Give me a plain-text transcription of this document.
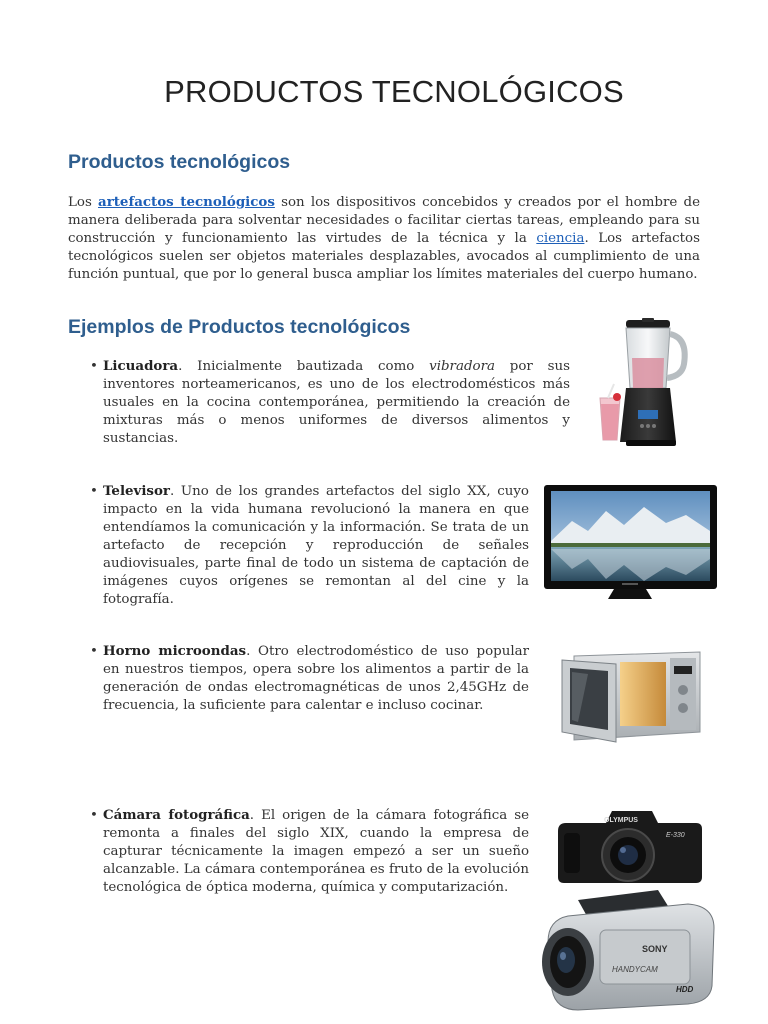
PRODUCTOS TECNOLÓGICOS
Productos tecnológicos
Los artefactos tecnológicos son los dispositivos concebidos y creados por el hombre de manera deliberada para solventar necesidades o facilitar ciertas tareas, empleando para su construcción y funcionamiento las virtudes de la técnica y la ciencia. Los artefactos tecnológicos suelen ser objetos materiales desplazables, avocados al cumplimiento de una función puntual, que por lo general busca ampliar los límites materiales del cuerpo humano.
Ejemplos de Productos tecnológicos
• Licuadora. Inicialmente bautizada como vibradora por sus inventores norteamericanos, es uno de los electrodomésticos más usuales en la cocina contemporánea, permitiendo la creación de mixturas más o menos uniformes de diversos alimentos y sustancias.
• Televisor. Uno de los grandes artefactos del siglo XX, cuyo impacto en la vida humana revolucionó la manera en que entendíamos la comunicación y la información. Se trata de un artefacto de recepción y reproducción de señales audiovisuales, parte final de todo un sistema de captación de imágenes cuyos orígenes se remontan al del cine y la fotografía.
• Horno microondas. Otro electrodoméstico de uso popular en nuestros tiempos, opera sobre los alimentos a partir de la generación de ondas electromagnéticas de unos 2,45GHz de frecuencia, la suficiente para calentar e incluso cocinar.
• Cámara fotográfica. El origen de la cámara fotográfica se remonta a finales del siglo XIX, cuando la empresa de capturar técnicamente la imagen empezó a ser un sueño alcanzable. La cámara contemporánea es fruto de la evolución tecnológica de óptica moderna, química y computarización.
OLYMPUS
E-330
SONY
HANDYCAM
HDD
